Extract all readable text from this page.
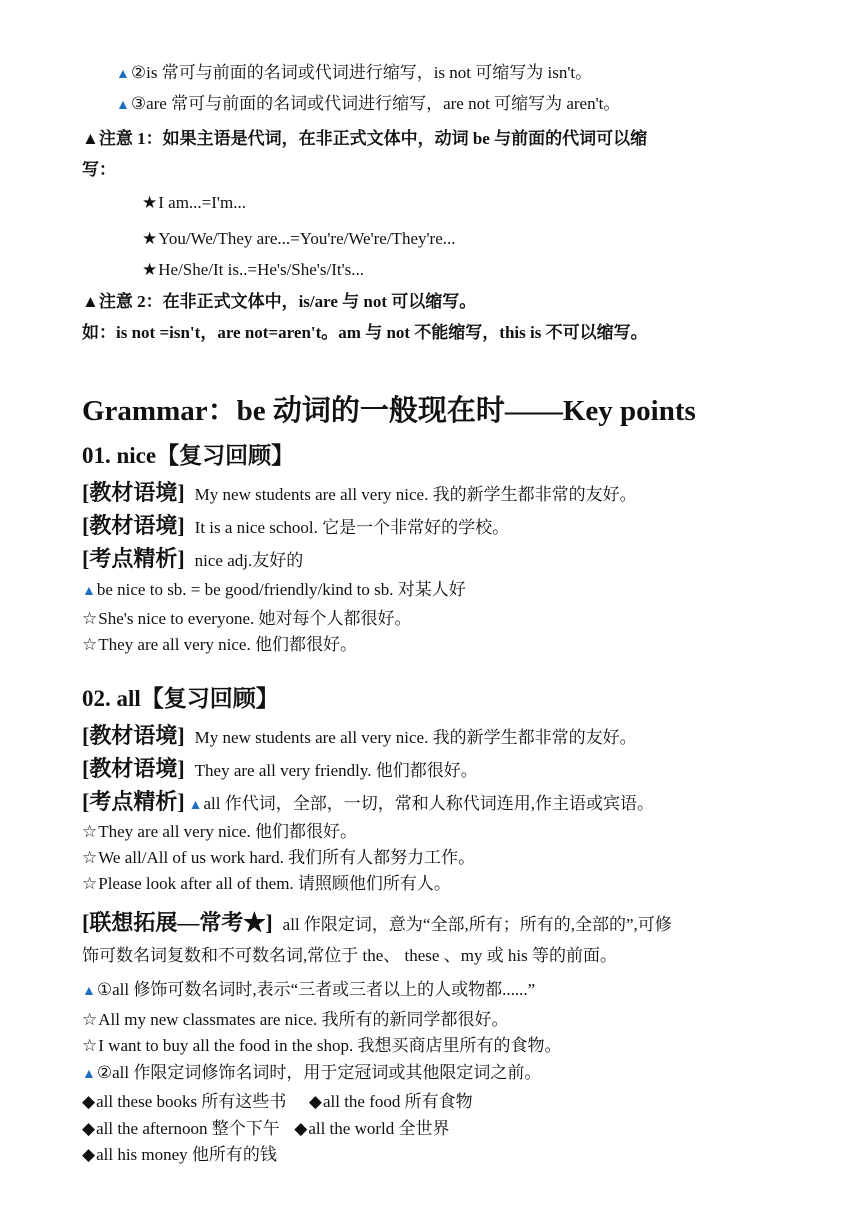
▲②is 常可与前面的名词或代词进行缩写，is not 可缩写为 isn't。
▲③are 常可与前面的名词或代词进行缩写，are not 可缩写为 aren't。
▲注意 1：如果主语是代词，在非正式文体中，动词 be 与前面的代词可以缩
写：
★I am...=I'm...
★You/We/They are...=You're/We're/They're...
★He/She/It is..=He's/She's/It's...
▲注意 2：在非正式文体中，is/are 与 not 可以缩写。
如：is not =isn't，are not=aren't。am 与 not 不能缩写，this is 不可以缩写。
Grammar：be 动词的一般现在时——Key points
01. nice【复习回顾】
[教材语境] My new students are all very nice. 我的新学生都非常的友好。
[教材语境] It is a nice school. 它是一个非常好的学校。
[考点精析] nice adj.友好的
▲be nice to sb. = be good/friendly/kind to sb. 对某人好
☆She's nice to everyone. 她对每个人都很好。
☆They are all very nice. 他们都很好。
02. all【复习回顾】
[教材语境] My new students are all very nice. 我的新学生都非常的友好。
[教材语境] They are all very friendly. 他们都很好。
[考点精析] ▲all 作代词，全部，一切，常和人称代词连用,作主语或宾语。
☆They are all very nice. 他们都很好。
☆We all/All of us work hard. 我们所有人都努力工作。
☆Please look after all of them. 请照顾他们所有人。
[联想拓展—常考★] all 作限定词，意为“全部,所有；所有的,全部的”,可修
饰可数名词复数和不可数名词,常位于 the、 these 、my 或 his 等的前面。
▲①all 修饰可数名词时,表示“三者或三者以上的人或物都......”
☆All my new classmates are nice. 我所有的新同学都很好。
☆I want to buy all the food in the shop. 我想买商店里所有的食物。
▲②all 作限定词修饰名词时，用于定冠词或其他限定词之前。
◆all these books 所有这些书 ◆all the food 所有食物
◆all the afternoon 整个下午 ◆all the world 全世界
◆all his money 他所有的钱
